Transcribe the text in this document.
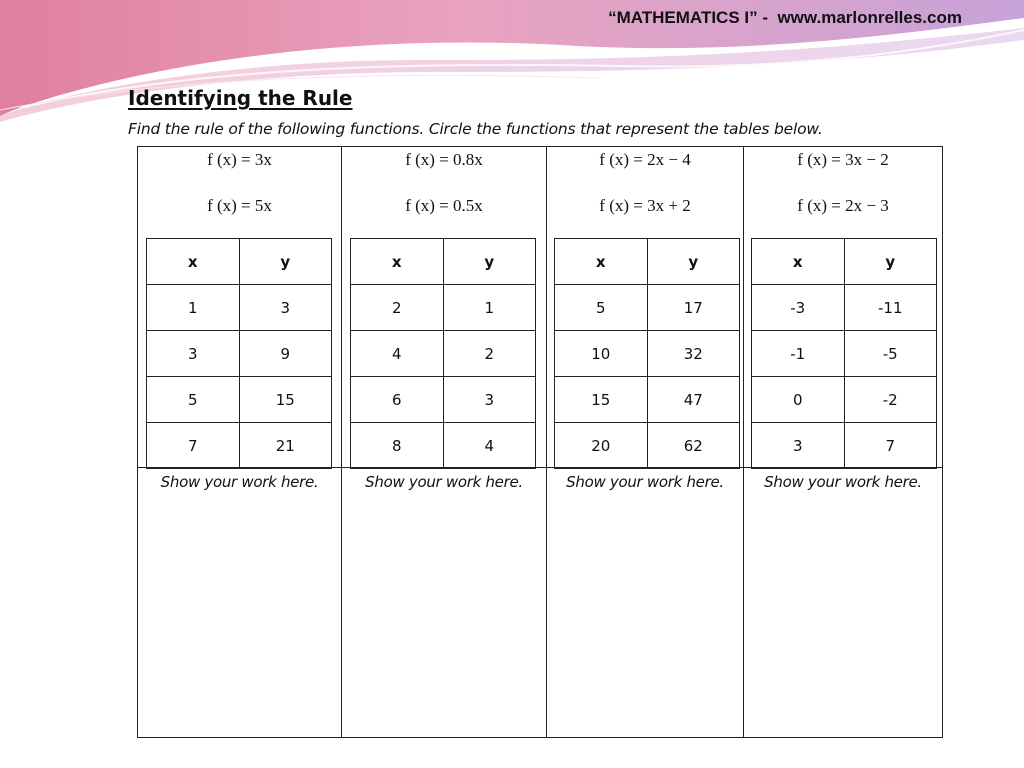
“MATHEMATICS I” -  www.marlonrelles.com
Identifying the Rule
Find the rule of the following functions. Circle the functions that represent the tables below.
f (x) = 3x
f (x) = 5x
x	y
1	3
3	9
5	15
7	21
Show your work here.
f (x) = 0.8x
f (x) = 0.5x
x	y
2	1
4	2
6	3
8	4
Show your work here.
f (x) = 2x − 4
f (x) = 3x + 2
x	y
5	17
10	32
15	47
20	62
Show your work here.
f (x) = 3x − 2
f (x) = 2x − 3
x	y
-3	-11
-1	-5
0	-2
3	7
Show your work here.
